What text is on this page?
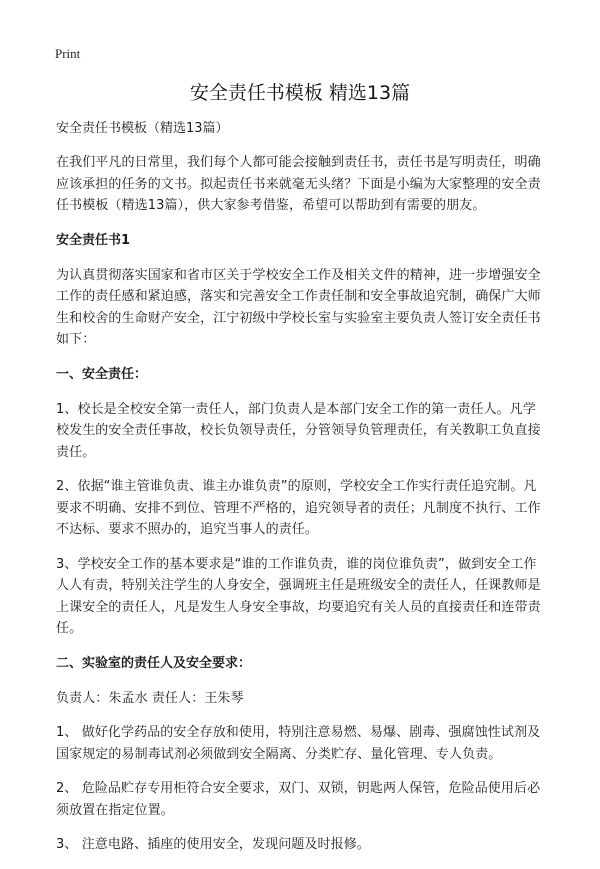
Print
安全责任书模板 精选13篇

安全责任书模板（精选13篇）

在我们平凡的日常里，我们每个人都可能会接触到责任书，责任书是写明责任，明确应该承担的任务的文书。拟起责任书来就毫无头绪？下面是小编为大家整理的安全责任书模板（精选13篇），供大家参考借鉴，希望可以帮助到有需要的朋友。

安全责任书1

为认真贯彻落实国家和省市区关于学校安全工作及相关文件的精神，进一步增强安全工作的责任感和紧迫感，落实和完善安全工作责任制和安全事故追究制，确保广大师生和校舍的生命财产安全，江宁初级中学校长室与实验室主要负责人签订安全责任书如下：

一、安全责任：

1、校长是全校安全第一责任人，部门负责人是本部门安全工作的第一责任人。凡学校发生的安全责任事故，校长负领导责任，分管领导负管理责任，有关教职工负直接责任。

2、依据“谁主管谁负责、谁主办谁负责”的原则，学校安全工作实行责任追究制。凡要求不明确、安排不到位、管理不严格的，追究领导者的责任；凡制度不执行、工作不达标、要求不照办的，追究当事人的责任。

3、学校安全工作的基本要求是“谁的工作谁负责，谁的岗位谁负责”，做到安全工作人人有责，特别关注学生的人身安全，强调班主任是班级安全的责任人，任课教师是上课安全的责任人，凡是发生人身安全事故，均要追究有关人员的直接责任和连带责任。

二、实验室的责任人及安全要求：

负责人：朱孟水 责任人：王朱琴

1、 做好化学药品的安全存放和使用，特别注意易燃、易爆、剧毒、强腐蚀性试剂及国家规定的易制毒试剂必须做到安全隔离、分类贮存、量化管理、专人负责。

2、 危险品贮存专用柜符合安全要求，双门、双锁，钥匙两人保管，危险品使用后必须放置在指定位置。

3、 注意电路、插座的使用安全，发现问题及时报修。
